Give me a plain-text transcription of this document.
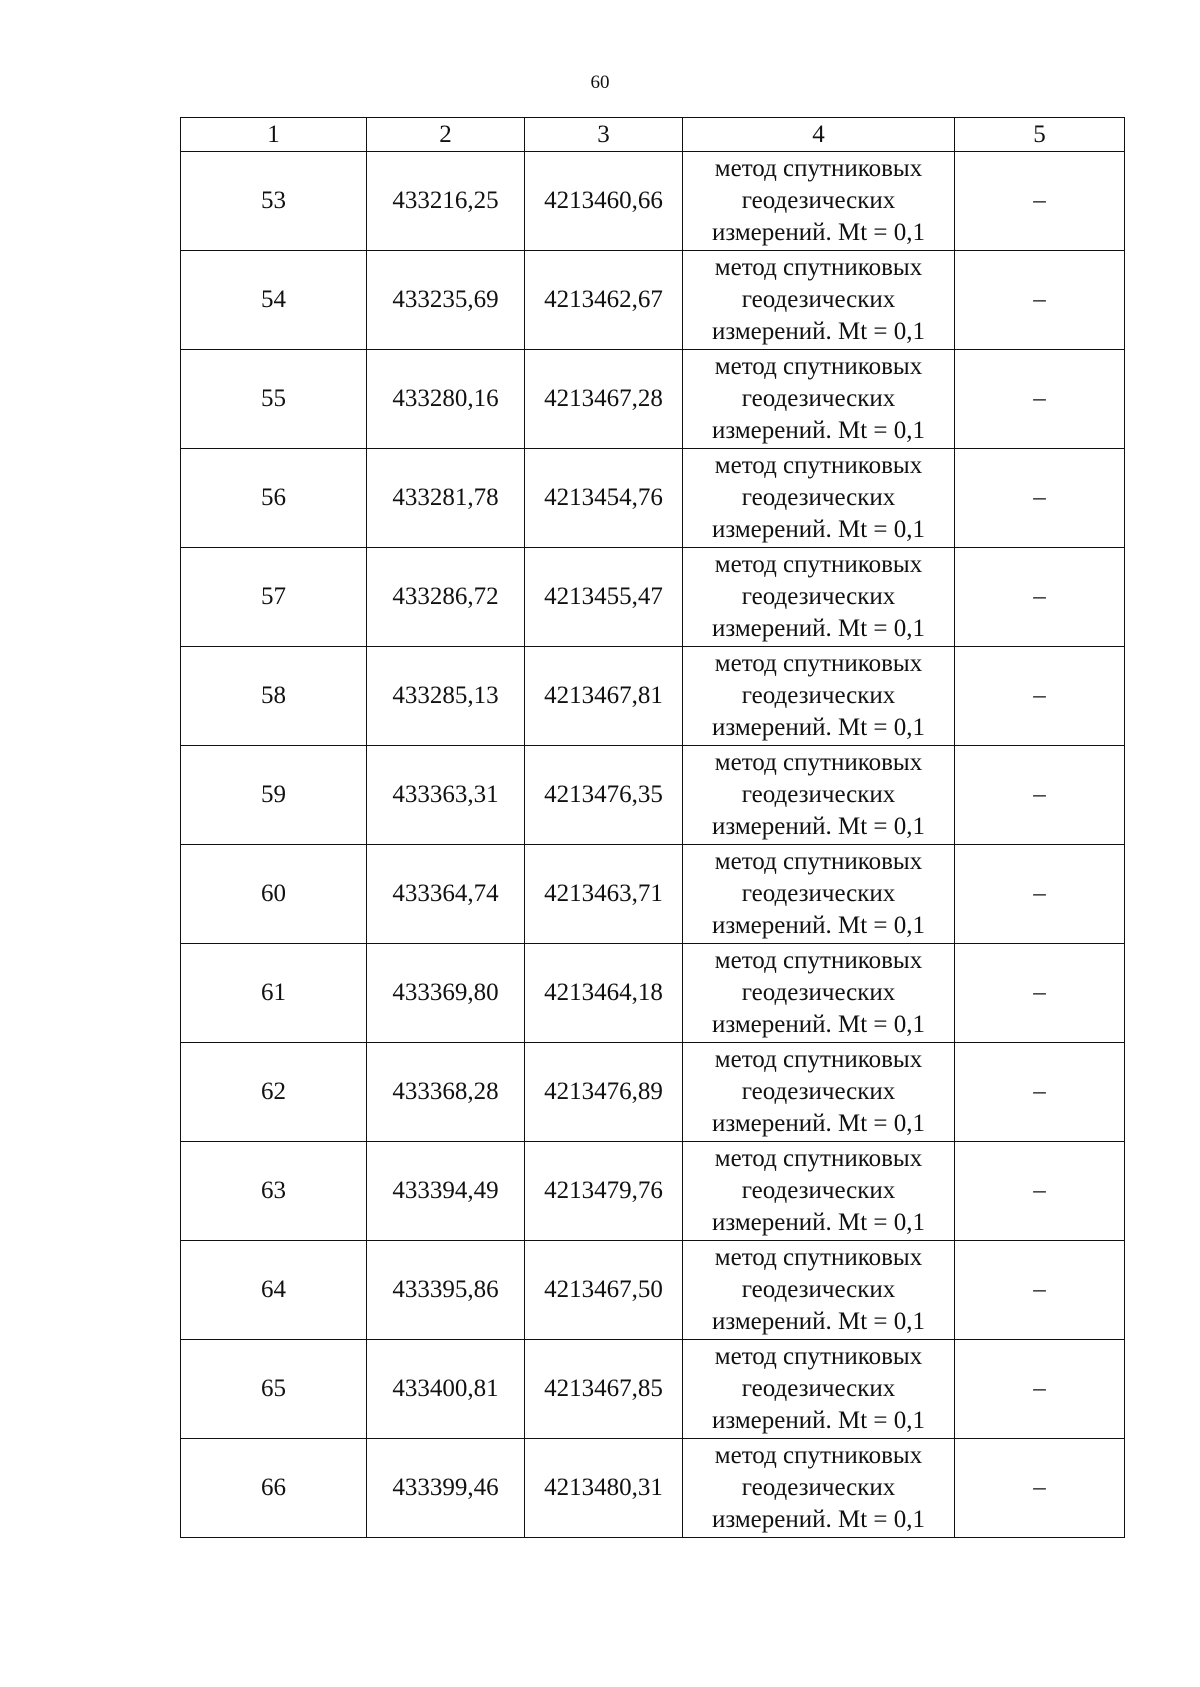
60
1	2	3	4	5
53	433216,25	4213460,66	метод спутниковых
геодезических
измерений. Mt = 0,1	–
54	433235,69	4213462,67	метод спутниковых
геодезических
измерений. Mt = 0,1	–
55	433280,16	4213467,28	метод спутниковых
геодезических
измерений. Mt = 0,1	–
56	433281,78	4213454,76	метод спутниковых
геодезических
измерений. Mt = 0,1	–
57	433286,72	4213455,47	метод спутниковых
геодезических
измерений. Mt = 0,1	–
58	433285,13	4213467,81	метод спутниковых
геодезических
измерений. Mt = 0,1	–
59	433363,31	4213476,35	метод спутниковых
геодезических
измерений. Mt = 0,1	–
60	433364,74	4213463,71	метод спутниковых
геодезических
измерений. Mt = 0,1	–
61	433369,80	4213464,18	метод спутниковых
геодезических
измерений. Mt = 0,1	–
62	433368,28	4213476,89	метод спутниковых
геодезических
измерений. Mt = 0,1	–
63	433394,49	4213479,76	метод спутниковых
геодезических
измерений. Mt = 0,1	–
64	433395,86	4213467,50	метод спутниковых
геодезических
измерений. Mt = 0,1	–
65	433400,81	4213467,85	метод спутниковых
геодезических
измерений. Mt = 0,1	–
66	433399,46	4213480,31	метод спутниковых
геодезических
измерений. Mt = 0,1	–
